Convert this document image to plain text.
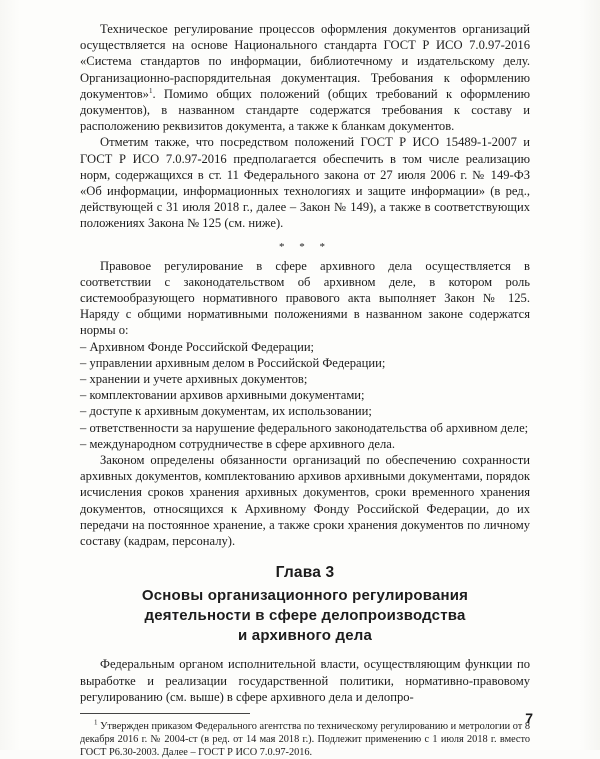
Техническое регулирование процессов оформления документов организаций осуществляется на основе Национального стандарта ГОСТ Р ИСО 7.0.97-2016 «Система стандартов по информации, библиотечному и издательскому делу. Организационно-распорядительная документация. Требования к оформлению документов»$^1$. Помимо общих положений (общих требований к оформлению документов), в названном стандарте содержатся требования к составу и расположению реквизитов документа, а также к бланкам документов.

Отметим также, что посредством положений ГОСТ Р ИСО 15489-1-2007 и ГОСТ Р ИСО 7.0.97-2016 предполагается обеспечить в том числе реализацию норм, содержащихся в ст. 11 Федерального закона от 27 июля 2006 г. № 149-ФЗ «Об информации, информационных технологиях и защите информации» (в ред., действующей с 31 июля 2018 г., далее – Закон № 149), а также в соответствующих положениях Закона № 125 (см. ниже).

* * *

Правовое регулирование в сфере архивного дела осуществляется в соответствии с законодательством об архивном деле, в котором роль системообразующего нормативного правового акта выполняет Закон № 125. Наряду с общими нормативными положениями в названном законе содержатся нормы о:

– Архивном Фонде Российской Федерации;

– управлении архивным делом в Российской Федерации;

– хранении и учете архивных документов;

– комплектовании архивов архивными документами;

– доступе к архивным документам, их использовании;

– ответственности за нарушение федерального законодательства об архивном деле;

– международном сотрудничестве в сфере архивного дела.

Законом определены обязанности организаций по обеспечению сохранности архивных документов, комплектованию архивов архивными документами, порядок исчисления сроков хранения архивных документов, сроки временного хранения документов, относящихся к Архивному Фонду Российской Федерации, до их передачи на постоянное хранение, а также сроки хранения документов по личному составу (кадрам, персоналу).

Глава 3
Основы организационного регулирования
деятельности в сфере делопроизводства
и архивного дела

Федеральным органом исполнительной власти, осуществляющим функции по выработке и реализации государственной политики, нормативно-правовому регулированию (см. выше) в сфере архивного дела и делопро-

$^1$ Утвержден приказом Федерального агентства по техническому регулированию и метрологии от 8 декабря 2016 г. № 2004-ст (в ред. от 14 мая 2018 г.). Подлежит применению с 1 июля 2018 г. вместо ГОСТ Р6.30-2003. Далее – ГОСТ Р ИСО 7.0.97-2016.
7
